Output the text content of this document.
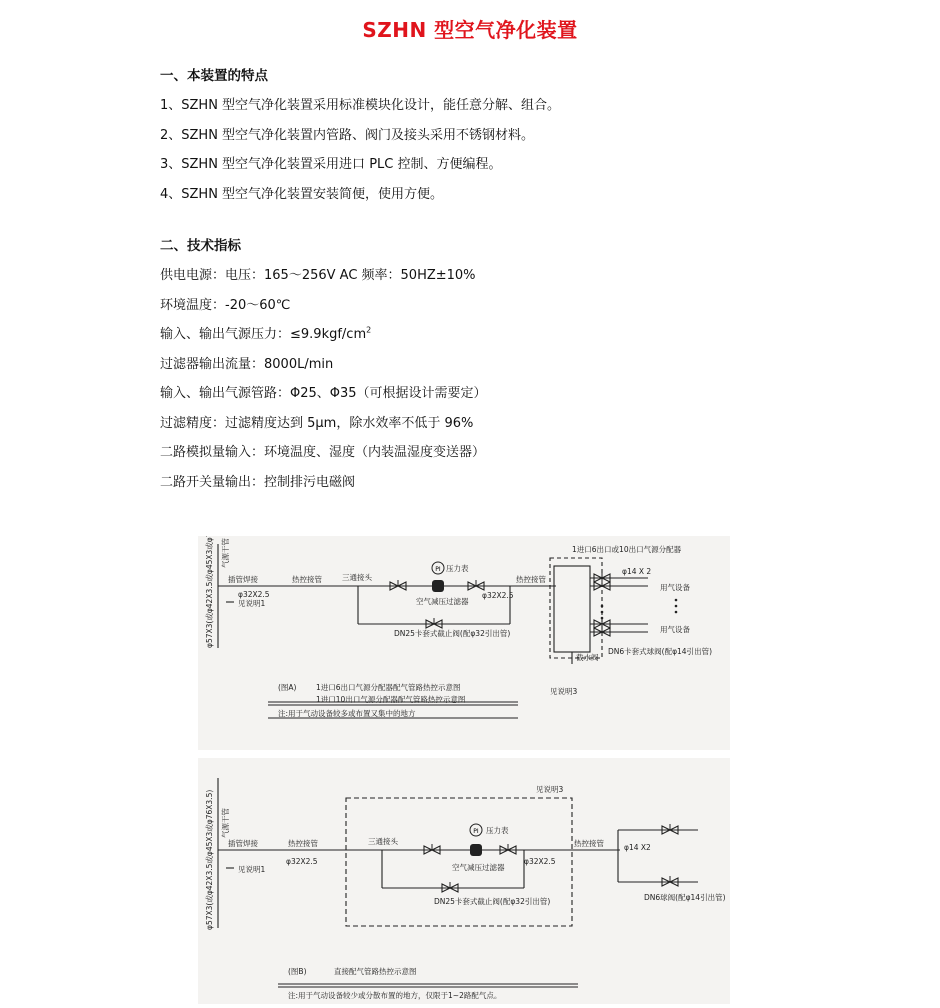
SZHN 型空气净化装置
一、本装置的特点
1、SZHN 型空气净化装置采用标准模块化设计，能任意分解、组合。
2、SZHN 型空气净化装置内管路、阀门及接头采用不锈钢材料。
3、SZHN 型空气净化装置采用进口 PLC 控制、方便编程。
4、SZHN 型空气净化装置安装简便，使用方便。
二、技术指标
供电电源：电压：165～256V AC 频率：50HZ±10%
环境温度：-20～60℃
输入、输出气源压力：$\le 9.9kgf/cm^2$
过滤器输出流量：8000L/min
输入、输出气源管路：Φ25、Φ35（可根据设计需要定）
过滤精度：过滤精度达到 5μm，除水效率不低于 96%
二路模拟量输入：环境温度、湿度（内装温湿度变送器）
二路开关量输出：控制排污电磁阀
PI
φ57X3(或φ42X3.5或φ45X3或φ76X3.5) 气源干管
插管焊接
见说明1
φ32X2.5
热控接管	三通接头
压力表
空气减压过滤器
φ32X2.5
热控接管
DN25卡套式截止阀(配φ32引出管)
1进口6出口或10出口气源分配器
φ14 X 2
用气设备
用气设备
截水阀
DN6卡套式球阀(配φ14引出管)
见说明3
(图A)	1进口6出口气源分配器配气管路热控示意图
1进口10出口气源分配器配气管路热控示意图
注:用于气动设备较多或布置又集中的地方
PI
φ57X3(或φ42X3.5或φ45X3或φ76X3.5) 气源干管
插管焊接
见说明1
热控接管
φ32X2.5
三通接头
压力表
空气减压过滤器
φ32X2.5
热控接管
DN25卡套式截止阀(配φ32引出管)
见说明3
φ14 X2
DN6球阀(配φ14引出管)
(图B)	直接配气管路热控示意图
注:用于气动设备较少或分散布置的地方，仅限于1~2路配气点。
